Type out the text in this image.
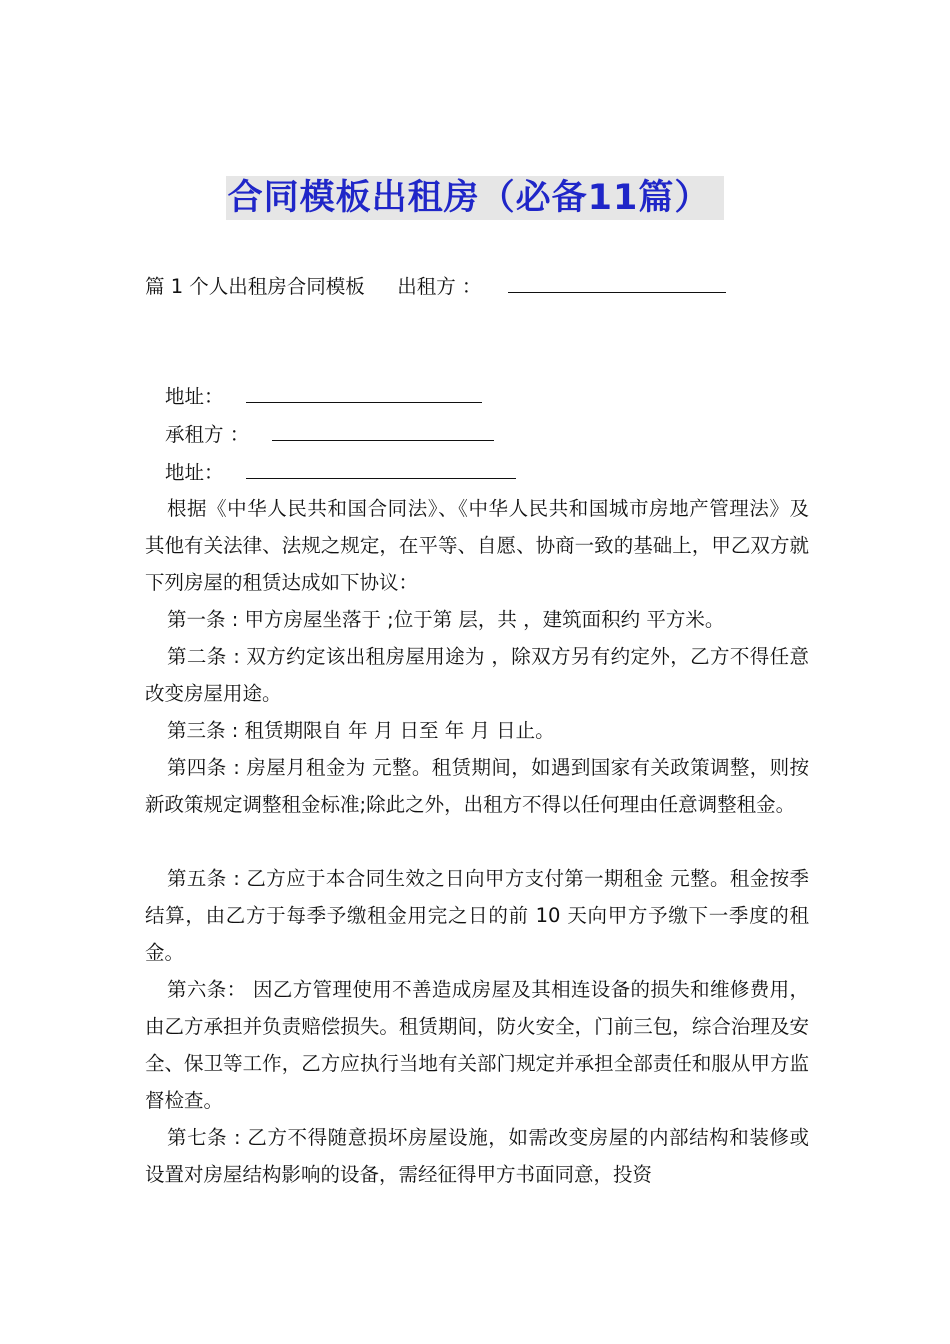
合同模板出租房（必备11篇）
篇 1 个人出租房合同模板 出租方 ：
地址：
承租方 ：
地址：
根据《中华人民共和国合同法》、《中华人民共和国城市房地产管理法》及其他有关法律、法规之规定，在平等、自愿、协商一致的基础上，甲乙双方就下列房屋的租赁达成如下协议：
第一条 : 甲方房屋坐落于 ;位于第 层，共 ，建筑面积约 平方米。
第二条 : 双方约定该出租房屋用途为 ，除双方另有约定外，乙方不得任意改变房屋用途。
第三条 : 租赁期限自 年 月 日至 年 月 日止。
第四条 : 房屋月租金为 元整。租赁期间，如遇到国家有关政策调整，则按新政策规定调整租金标准;除此之外，出租方不得以任何理由任意调整租金。
第五条 : 乙方应于本合同生效之日向甲方支付第一期租金 元整。租金按季结算，由乙方于每季予缴租金用完之日的前 10 天向甲方予缴下一季度的租金。
第六条： 因乙方管理使用不善造成房屋及其相连设备的损失和维修费用，由乙方承担并负责赔偿损失。租赁期间，防火安全，门前三包，综合治理及安全、保卫等工作，乙方应执行当地有关部门规定并承担全部责任和服从甲方监督检查。
第七条 : 乙方不得随意损坏房屋设施，如需改变房屋的内部结构和装修或设置对房屋结构影响的设备，需经征得甲方书面同意，投资
